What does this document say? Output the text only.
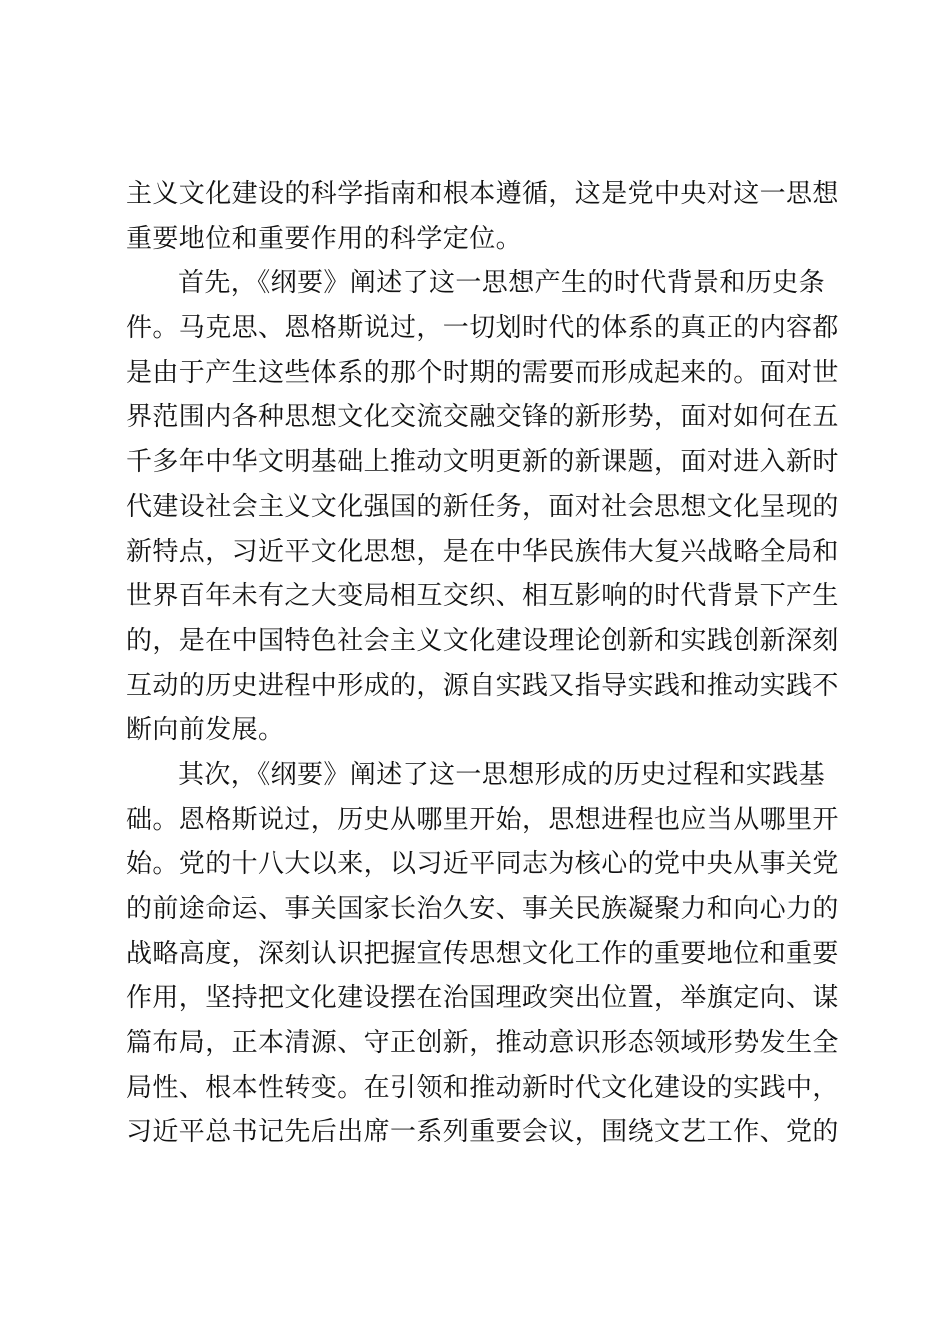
主义文化建设的科学指南和根本遵循，这是党中央对这一思想
重要地位和重要作用的科学定位。
首先，《纲要》阐述了这一思想产生的时代背景和历史条
件。马克思、恩格斯说过，一切划时代的体系的真正的内容都
是由于产生这些体系的那个时期的需要而形成起来的。面对世
界范围内各种思想文化交流交融交锋的新形势，面对如何在五
千多年中华文明基础上推动文明更新的新课题，面对进入新时
代建设社会主义文化强国的新任务，面对社会思想文化呈现的
新特点，习近平文化思想，是在中华民族伟大复兴战略全局和
世界百年未有之大变局相互交织、相互影响的时代背景下产生
的，是在中国特色社会主义文化建设理论创新和实践创新深刻
互动的历史进程中形成的，源自实践又指导实践和推动实践不
断向前发展。
其次，《纲要》阐述了这一思想形成的历史过程和实践基
础。恩格斯说过，历史从哪里开始，思想进程也应当从哪里开
始。党的十八大以来，以习近平同志为核心的党中央从事关党
的前途命运、事关国家长治久安、事关民族凝聚力和向心力的
战略高度，深刻认识把握宣传思想文化工作的重要地位和重要
作用，坚持把文化建设摆在治国理政突出位置，举旗定向、谋
篇布局，正本清源、守正创新，推动意识形态领域形势发生全
局性、根本性转变。在引领和推动新时代文化建设的实践中，
习近平总书记先后出席一系列重要会议，围绕文艺工作、党的
